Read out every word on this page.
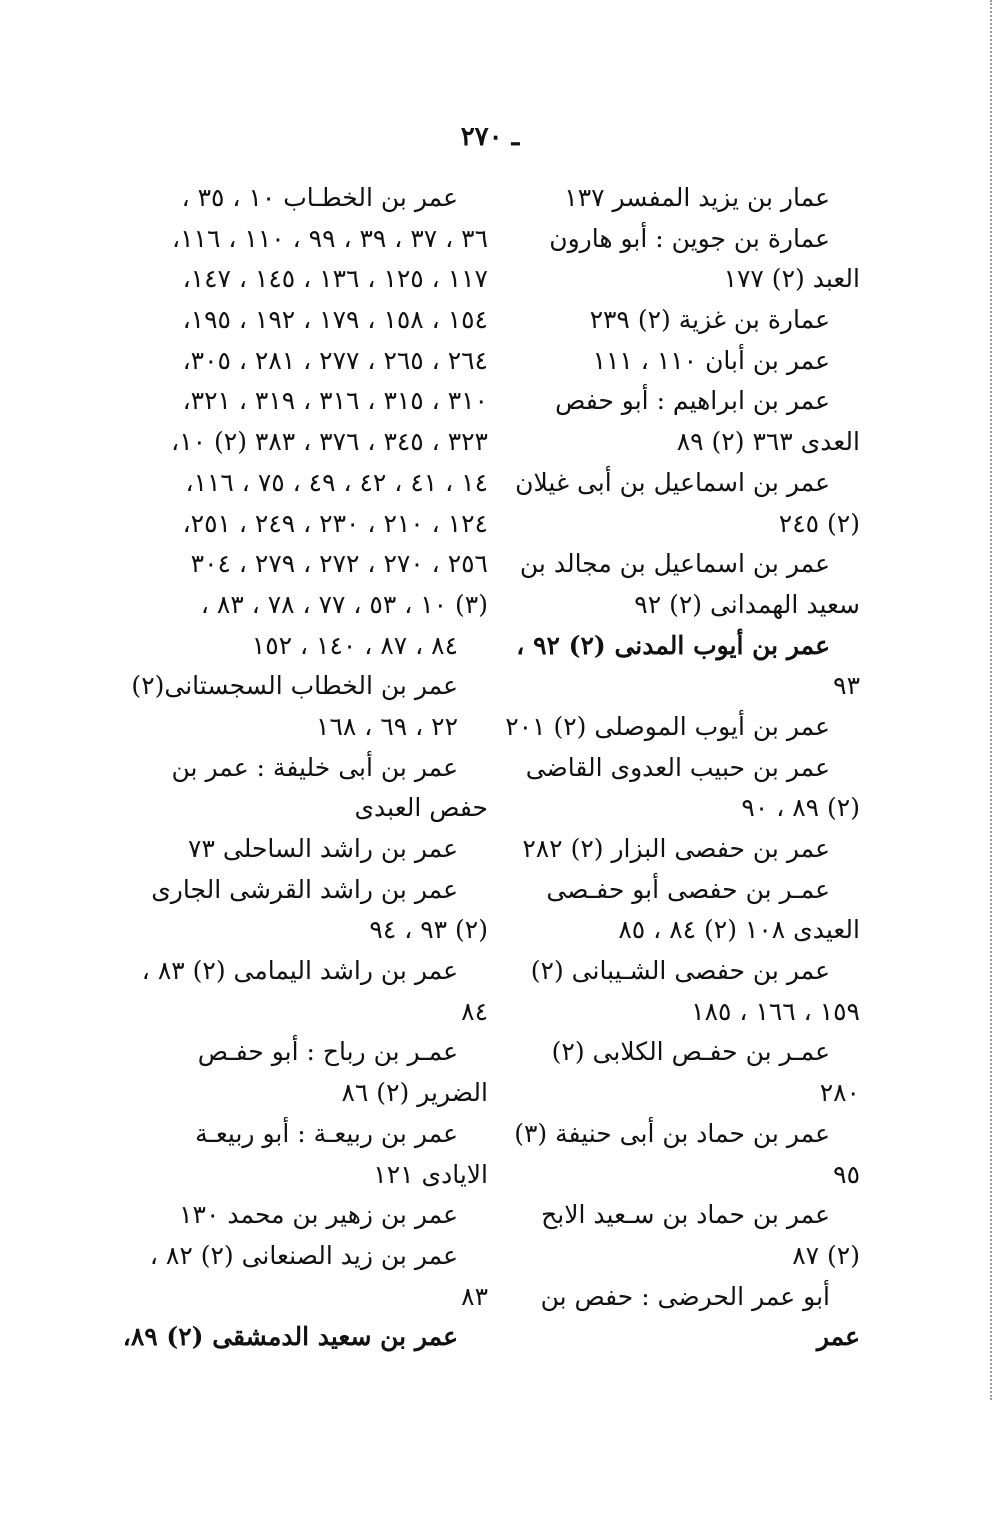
ـ ٢٧٠
عمار بن يزيد المفسر ١٣٧
عمارة بن جوين : أبو هارون
العبد (٢) ١٧٧
عمارة بن غزية (٢) ٢٣٩
عمر بن أبان ١١٠ ، ١١١
عمر بن ابراهيم : أبو حفص
العدى ٣٦٣ (٢) ٨٩
عمر بن اسماعيل بن أبى غيلان
(٢) ٢٤٥
عمر بن اسماعيل بن مجالد بن
سعيد الهمدانى (٢) ٩٢
عمر بن أيوب المدنى (٢) ٩٢ ،
٩٣
عمر بن أيوب الموصلى (٢) ٢٠١
عمر بن حبيب العدوى القاضى
(٢) ٨٩ ، ٩٠
عمر بن حفصى البزار (٢) ٢٨٢
عمـر بن حفصى أبو حفـصى
العيدى ١٠٨ (٢) ٨٤ ، ٨٥
عمر بن حفصى الشـيبانى (٢)
١٥٩ ، ١٦٦ ، ١٨٥
عمـر بن حفـص الكلابى (٢)
٢٨٠
عمر بن حماد بن أبى حنيفة (٣)
٩٥
عمر بن حماد بن سـعيد الابح
(٢) ٨٧
أبو عمر الحرضى : حفص بن
عمر
عمر بن الخطـاب ١٠ ، ٣٥ ،
٣٦ ، ٣٧ ، ٣٩ ، ٩٩ ، ١١٠ ، ١١٦،
١١٧ ، ١٢٥ ، ١٣٦ ، ١٤٥ ، ١٤٧،
١٥٤ ، ١٥٨ ، ١٧٩ ، ١٩٢ ، ١٩٥،
٢٦٤ ، ٢٦٥ ، ٢٧٧ ، ٢٨١ ، ٣٠٥،
٣١٠ ، ٣١٥ ، ٣١٦ ، ٣١٩ ، ٣٢١،
٣٢٣ ، ٣٤٥ ، ٣٧٦ ، ٣٨٣ (٢) ١٠،
١٤ ، ٤١ ، ٤٢ ، ٤٩ ، ٧٥ ، ١١٦،
١٢٤ ، ٢١٠ ، ٢٣٠ ، ٢٤٩ ، ٢٥١،
٢٥٦ ، ٢٧٠ ، ٢٧٢ ، ٢٧٩ ، ٣٠٤
(٣) ١٠ ، ٥٣ ، ٧٧ ، ٧٨ ، ٨٣ ،
٨٤ ، ٨٧ ، ١٤٠ ، ١٥٢
عمر بن الخطاب السجستانى(٢)
٢٢ ، ٦٩ ، ١٦٨
عمر بن أبى خليفة : عمر بن
حفص العبدى
عمر بن راشد الساحلى ٧٣
عمر بن راشد القرشى الجارى
(٢) ٩٣ ، ٩٤
عمر بن راشد اليمامى (٢) ٨٣ ،
٨٤
عمـر بن رباح : أبو حفـص
الضرير (٢) ٨٦
عمر بن ربيعـة : أبو ربيعـة
الايادى ١٢١
عمر بن زهير بن محمد ١٣٠
عمر بن زيد الصنعانى (٢) ٨٢ ،
٨٣
عمر بن سعيد الدمشقى (٢) ٨٩،
